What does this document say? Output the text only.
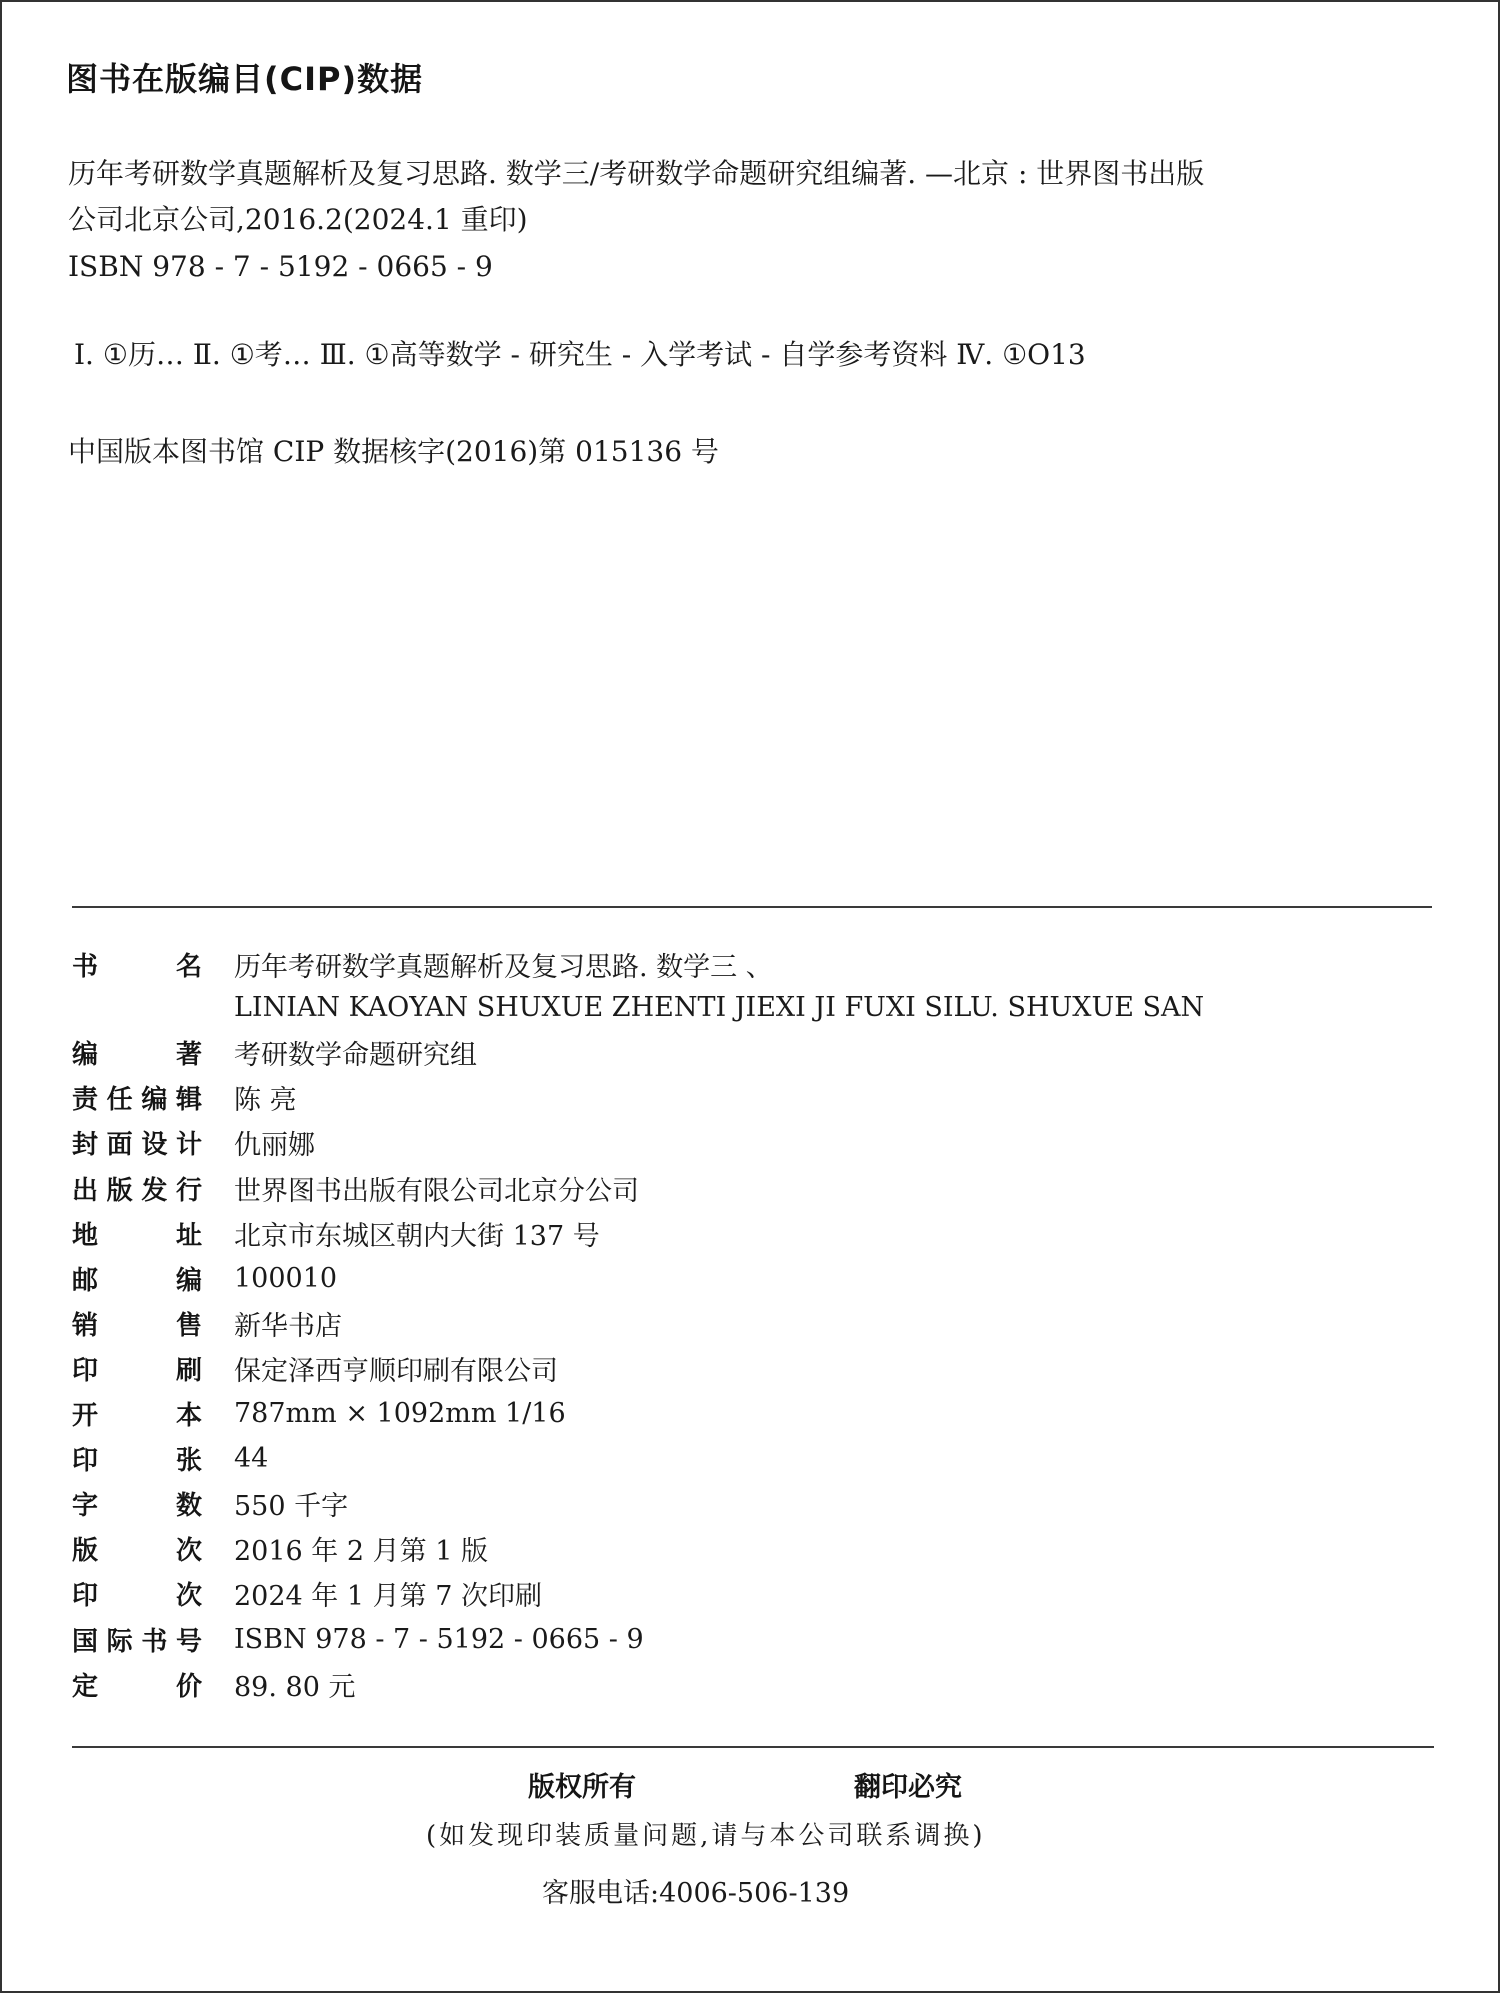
图书在版编目(CIP)数据
历年考研数学真题解析及复习思路. 数学三/考研数学命题研究组编著. —北京 : 世界图书出版
公司北京公司,2016.2(2024.1 重印)
ISBN 978 - 7 - 5192 - 0665 - 9
Ⅰ. ①历… Ⅱ. ①考… Ⅲ. ①高等数学 - 研究生 - 入学考试 - 自学参考资料 Ⅳ. ①O13
中国版本图书馆 CIP 数据核字(2016)第 015136 号
书	名 历年考研数学真题解析及复习思路. 数学三 、
LINIAN KAOYAN SHUXUE ZHENTI JIEXI JI FUXI SILU. SHUXUE SAN
编	著 考研数学命题研究组
责 任 编 辑 陈 亮
封 面 设 计 仇丽娜
出 版 发 行 世界图书出版有限公司北京分公司
地	址 北京市东城区朝内大街 137 号
邮	编 100010
销	售 新华书店
印	刷 保定泽西亨顺印刷有限公司
开	本 787mm × 1092mm 1/16
印	张 44
字	数 550 千字
版	次 2016 年 2 月第 1 版
印	次 2024 年 1 月第 7 次印刷
国 际 书 号 ISBN 978 - 7 - 5192 - 0665 - 9
定	价 89. 80 元
版权所有	翻印必究
(如发现印装质量问题,请与本公司联系调换)
客服电话:4006-506-139
